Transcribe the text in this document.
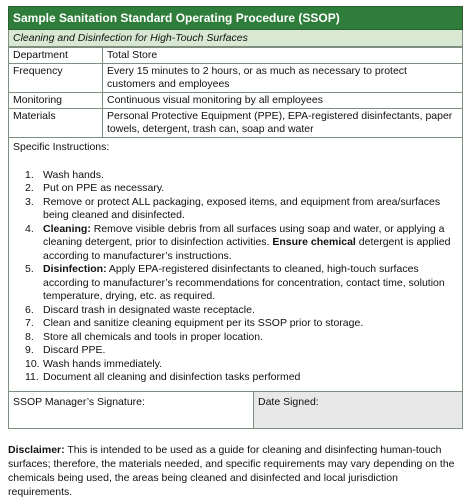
Sample Sanitation Standard Operating Procedure (SSOP)
Cleaning and Disinfection for High-Touch Surfaces
Department	Total Store
Frequency	Every 15 minutes to 2 hours, or as much as necessary to protect customers and employees
Monitoring	Continuous visual monitoring by all employees
Materials	Personal Protective Equipment (PPE), EPA-registered disinfectants, paper towels, detergent, trash can, soap and water
Specific Instructions:
1. Wash hands.
2. Put on PPE as necessary.
3. Remove or protect ALL packaging, exposed items, and equipment from area/surfaces being cleaned and disinfected.
4. Cleaning: Remove visible debris from all surfaces using soap and water, or applying a cleaning detergent, prior to disinfection activities. Ensure chemical detergent is applied according to manufacturer’s instructions.
5. Disinfection: Apply EPA-registered disinfectants to cleaned, high-touch surfaces according to manufacturer’s recommendations for concentration, contact time, solution temperature, drying, etc. as required.
6. Discard trash in designated waste receptacle.
7. Clean and sanitize cleaning equipment per its SSOP prior to storage.
8. Store all chemicals and tools in proper location.
9. Discard PPE.
10. Wash hands immediately.
11. Document all cleaning and disinfection tasks performed
SSOP Manager’s Signature:	Date Signed:
Disclaimer: This is intended to be used as a guide for cleaning and disinfecting human-touch surfaces; therefore, the materials needed, and specific requirements may vary depending on the chemicals being used, the areas being cleaned and disinfected and local jurisdiction requirements.
